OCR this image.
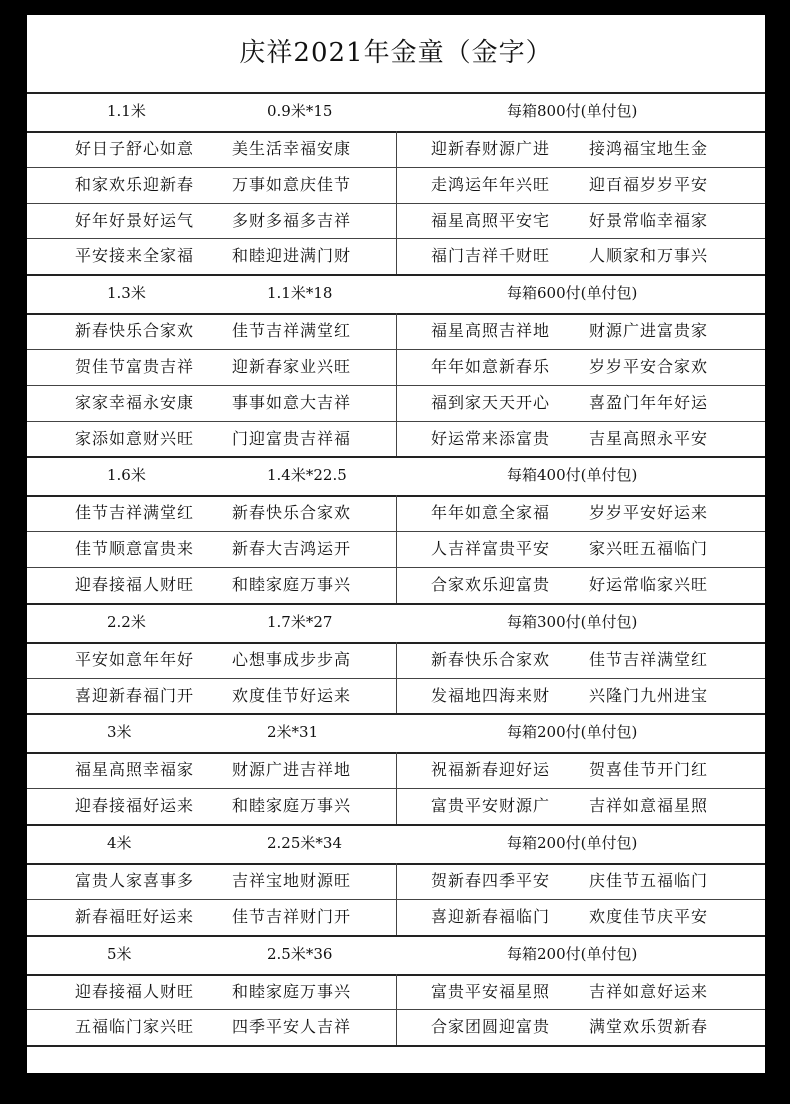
庆祥2021年金童（金字）
1.1米	0.9米*15	每箱800付(单付包)
好日子舒心如意 美生活幸福安康	迎新春财源广进 接鸿福宝地生金
和家欢乐迎新春 万事如意庆佳节	走鸿运年年兴旺 迎百福岁岁平安
好年好景好运气 多财多福多吉祥	福星高照平安宅 好景常临幸福家
平安接来全家福 和睦迎进满门财	福门吉祥千财旺 人顺家和万事兴
1.3米	1.1米*18	每箱600付(单付包)
新春快乐合家欢 佳节吉祥满堂红	福星高照吉祥地 财源广进富贵家
贺佳节富贵吉祥 迎新春家业兴旺	年年如意新春乐 岁岁平安合家欢
家家幸福永安康 事事如意大吉祥	福到家天天开心 喜盈门年年好运
家添如意财兴旺 门迎富贵吉祥福	好运常来添富贵 吉星高照永平安
1.6米	1.4米*22.5	每箱400付(单付包)
佳节吉祥满堂红 新春快乐合家欢	年年如意全家福 岁岁平安好运来
佳节顺意富贵来 新春大吉鸿运开	人吉祥富贵平安 家兴旺五福临门
迎春接福人财旺 和睦家庭万事兴	合家欢乐迎富贵 好运常临家兴旺
2.2米	1.7米*27	每箱300付(单付包)
平安如意年年好 心想事成步步高	新春快乐合家欢 佳节吉祥满堂红
喜迎新春福门开 欢度佳节好运来	发福地四海来财 兴隆门九州进宝
3米	2米*31	每箱200付(单付包)
福星高照幸福家 财源广进吉祥地	祝福新春迎好运 贺喜佳节开门红
迎春接福好运来 和睦家庭万事兴	富贵平安财源广 吉祥如意福星照
4米	2.25米*34	每箱200付(单付包)
富贵人家喜事多 吉祥宝地财源旺	贺新春四季平安 庆佳节五福临门
新春福旺好运来 佳节吉祥财门开	喜迎新春福临门 欢度佳节庆平安
5米	2.5米*36	每箱200付(单付包)
迎春接福人财旺 和睦家庭万事兴	富贵平安福星照 吉祥如意好运来
五福临门家兴旺 四季平安人吉祥	合家团圆迎富贵 满堂欢乐贺新春
